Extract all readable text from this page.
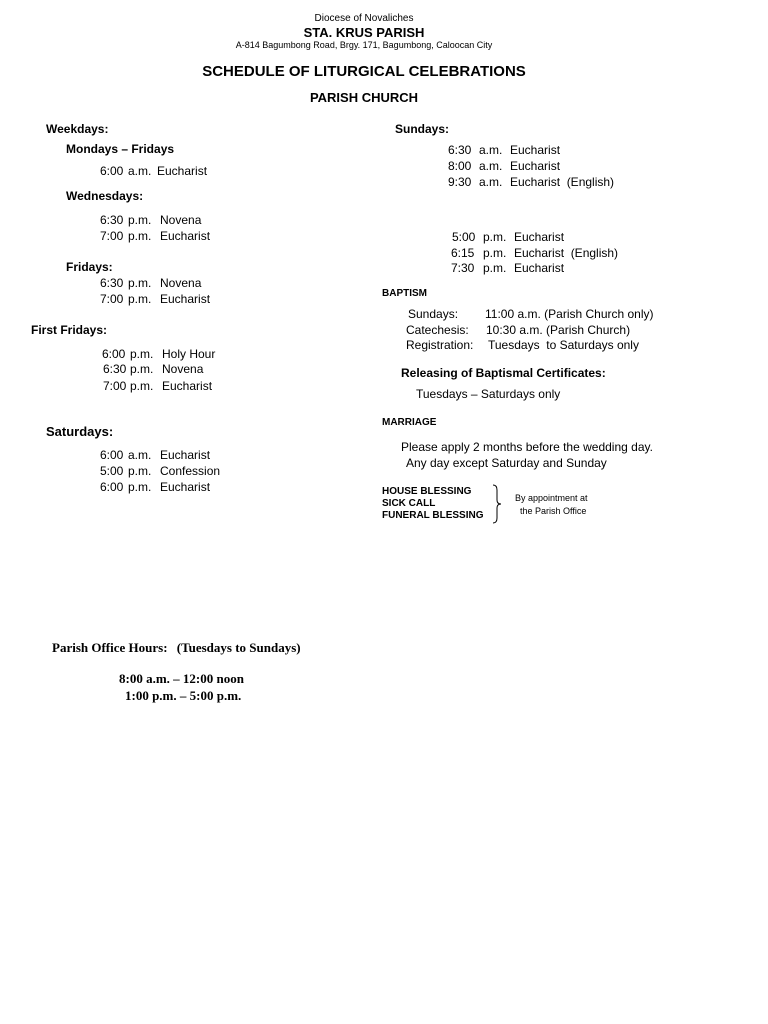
Diocese of Novaliches
STA. KRUS PARISH
A-814 Bagumbong Road, Brgy. 171, Bagumbong, Caloocan City
SCHEDULE OF LITURGICAL CELEBRATIONS
PARISH CHURCH
Weekdays:
Mondays – Fridays
6:00 a.m. Eucharist
Wednesdays:
6:30 p.m. Novena
7:00 p.m. Eucharist
Fridays:
6:30 p.m. Novena
7:00 p.m. Eucharist
First Fridays:
6:00 p.m. Holy Hour
6:30 p.m. Novena
7:00 p.m. Eucharist
Saturdays:
6:00 a.m. Eucharist
5:00 p.m. Confession
6:00 p.m. Eucharist
Sundays:
6:30 a.m. Eucharist
8:00 a.m. Eucharist
9:30 a.m. Eucharist  (English)
5:00 p.m. Eucharist
6:15 p.m. Eucharist  (English)
7:30 p.m. Eucharist
BAPTISM
Sundays: 11:00 a.m. (Parish Church only)
Catechesis: 10:30 a.m. (Parish Church)
Registration: Tuesdays  to Saturdays only
Releasing of Baptismal Certificates:
Tuesdays – Saturdays only
MARRIAGE
Please apply 2 months before the wedding day.
Any day except Saturday and Sunday
HOUSE BLESSING
SICK CALL
FUNERAL BLESSING
By appointment at
the Parish Office
Parish Office Hours: (Tuesdays to Sundays)
8:00 a.m. – 12:00 noon
1:00 p.m. – 5:00 p.m.
